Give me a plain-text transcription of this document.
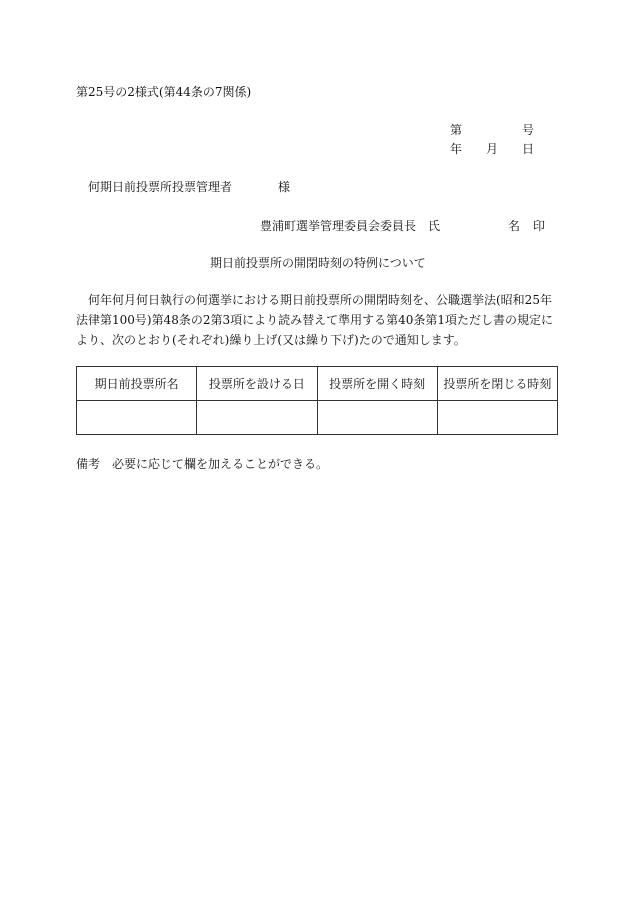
第25号の2様式(第44条の7関係)
第	号
年 月 日
何期日前投票所投票管理者	様
豊浦町選挙管理委員会委員長 氏	名 印
期日前投票所の開閉時刻の特例について
何年何月何日執行の何選挙における期日前投票所の開閉時刻を、公職選挙法(昭和25年法律第100号)第48条の2第3項により読み替えて準用する第40条第1項ただし書の規定により、次のとおり(それぞれ)繰り上げ(又は繰り下げ)たので通知します。
期日前投票所名	投票所を設ける日	投票所を開く時刻	投票所を閉じる時刻

備考　必要に応じて欄を加えることができる。
